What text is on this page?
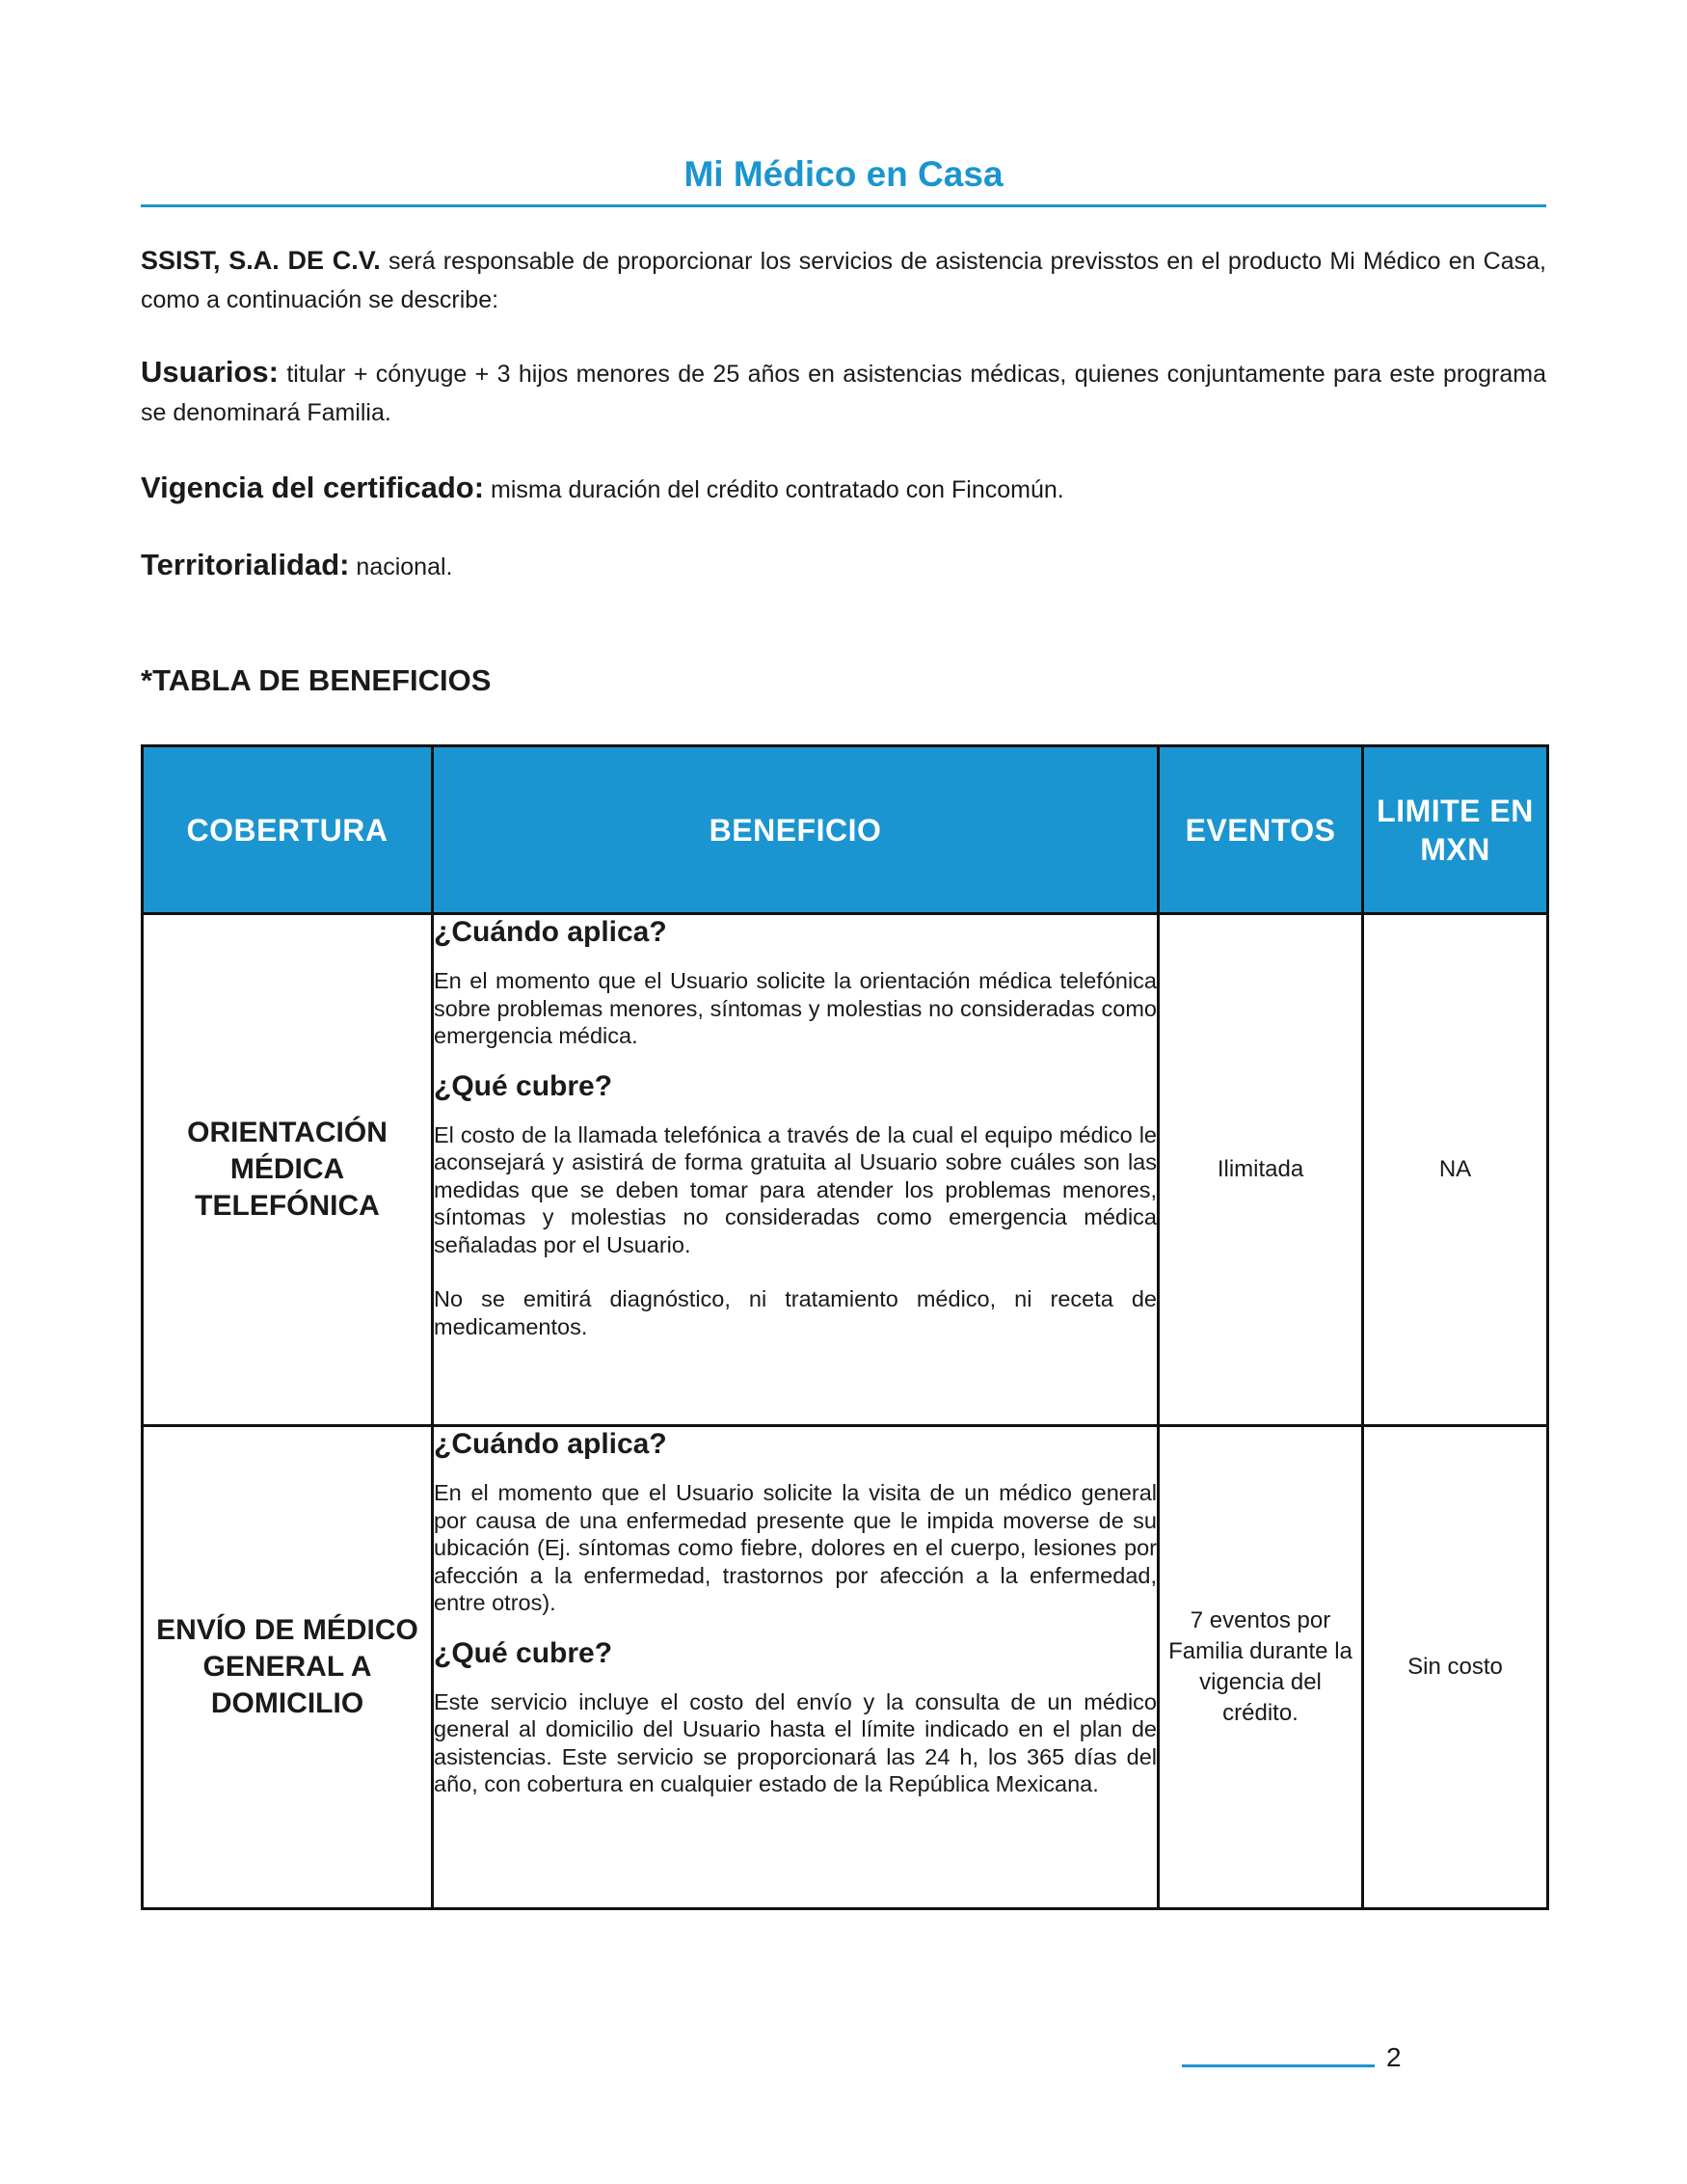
Mi Médico en Casa

SSIST, S.A. DE C.V. será responsable de proporcionar los servicios de asistencia previsstos en el producto Mi Médico en Casa, como a continuación se describe:

Usuarios: titular + cónyuge + 3 hijos menores de 25 años en asistencias médicas, quienes conjuntamente para este programa se denominará Familia.

Vigencia del certificado: misma duración del crédito contratado con Fincomún.

Territorialidad: nacional.

*TABLA DE BENEFICIOS
COBERTURA	BENEFICIO	EVENTOS	LIMITE EN MXN
ORIENTACIÓN MÉDICA TELEFÓNICA	¿Cuándo aplica?

En el momento que el Usuario solicite la orientación médica telefónica sobre problemas menores, síntomas y molestias no consideradas como emergencia médica.

¿Qué cubre?

El costo de la llamada telefónica a través de la cual el equipo médico le aconsejará y asistirá de forma gratuita al Usuario sobre cuáles son las medidas que se deben tomar para atender los problemas menores, síntomas y molestias no consideradas como emergencia médica señaladas por el Usuario.

No se emitirá diagnóstico, ni tratamiento médico, ni receta de medicamentos.	Ilimitada	NA
ENVÍO DE MÉDICO GENERAL A DOMICILIO	¿Cuándo aplica?

En el momento que el Usuario solicite la visita de un médico general por causa de una enfermedad presente que le impida moverse de su ubicación (Ej. síntomas como fiebre, dolores en el cuerpo, lesiones por afección a la enfermedad, trastornos por afección a la enfermedad, entre otros).

¿Qué cubre?

Este servicio incluye el costo del envío y la consulta de un médico general al domicilio del Usuario hasta el límite indicado en el plan de asistencias. Este servicio se proporcionará las 24 h, los 365 días del año, con cobertura en cualquier estado de la República Mexicana.	7 eventos por Familia durante la vigencia del crédito.	Sin costo
2
